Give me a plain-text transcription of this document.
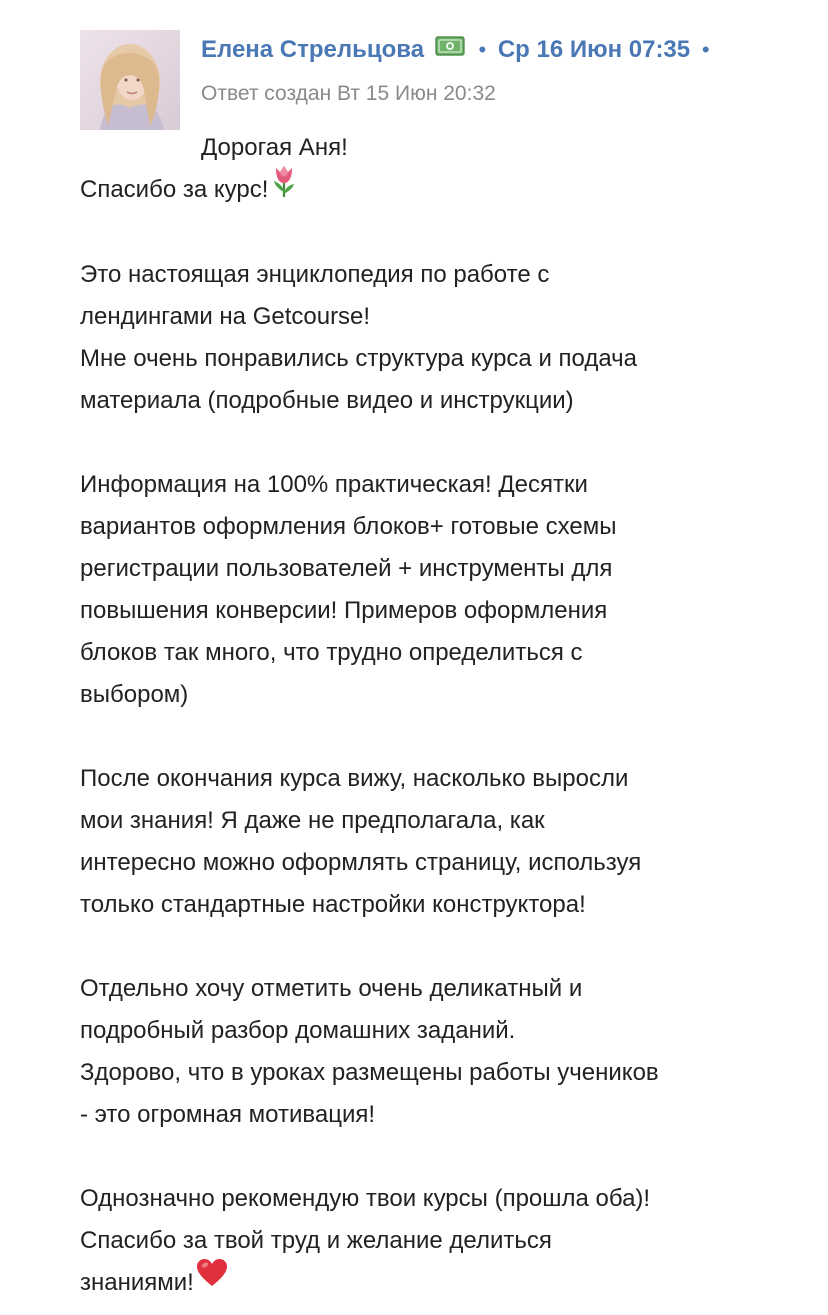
Елена Стрельцова • Ср 16 Июн 07:35 •
Ответ создан Вт 15 Июн 20:32
Дорогая Аня!

Спасибо за курс!

Это настоящая энциклопедия по работе с
лендингами на Getcourse!
Мне очень понравились структура курса и подача
материала (подробные видео и инструкции)

Информация на 100% практическая! Десятки
вариантов оформления блоков+ готовые схемы
регистрации пользователей + инструменты для
повышения конверсии! Примеров оформления
блоков так много, что трудно определиться с
выбором)

После окончания курса вижу, насколько выросли
мои знания! Я даже не предполагала, как
интересно можно оформлять страницу, используя
только стандартные настройки конструктора!

Отдельно хочу отметить очень деликатный и
подробный разбор домашних заданий.
Здорово, что в уроках размещены работы учеников
- это огромная мотивация!

Однозначно рекомендую твои курсы (прошла оба)!
Спасибо за твой труд и желание делиться
знаниями!
